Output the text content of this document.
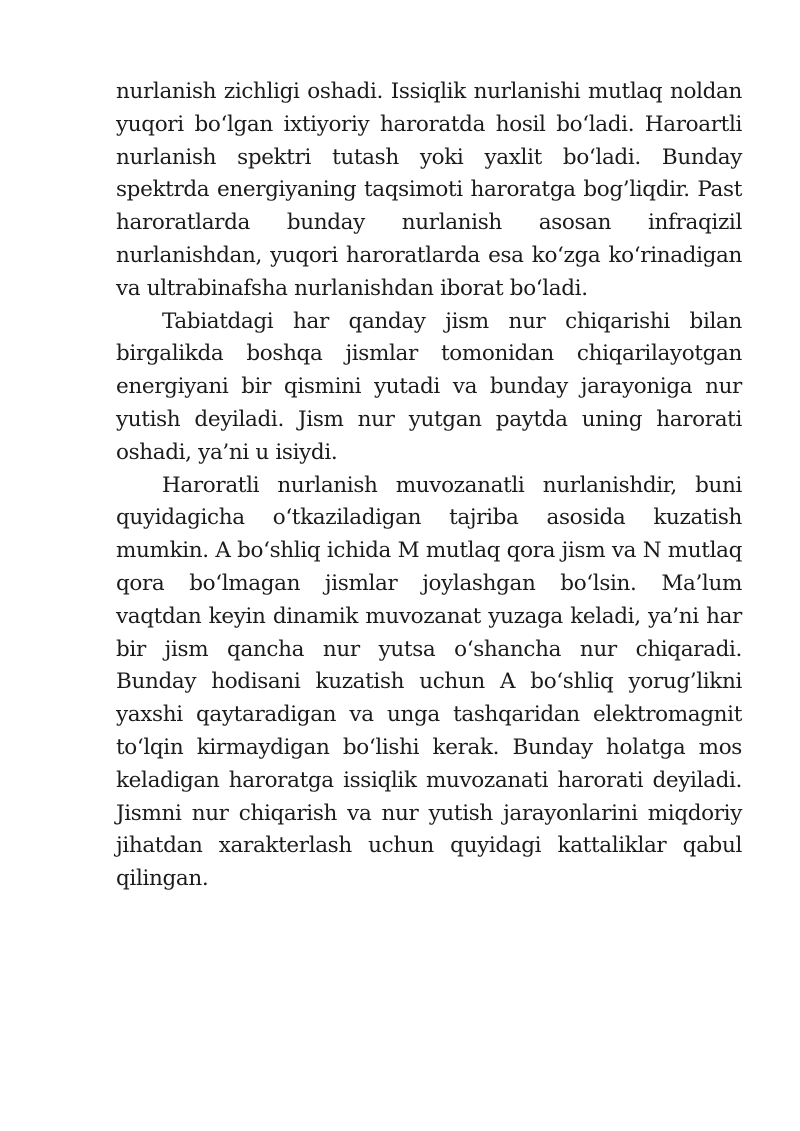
nurlanish zichligi oshadi. Issiqlik nurlanishi mutlaq noldan yuqori bo‘lgan ixtiyoriy haroratda hosil bo‘ladi. Haroartli nurlanish spektri tutash yoki yaxlit bo‘ladi. Bunday spektrda energiyaning taqsimoti haroratga bog’liqdir. Past haroratlarda bunday nurlanish asosan infraqizil nurlanishdan, yuqori haroratlarda esa ko‘zga ko‘rinadigan va ultrabinafsha nurlanishdan iborat bo‘ladi.

Tabiatdagi har qanday jism nur chiqarishi bilan birgalikda boshqa jismlar tomonidan chiqarilayotgan energiyani bir qismini yutadi va bunday jarayoniga nur yutish deyiladi. Jism nur yutgan paytda uning harorati oshadi, ya’ni u isiydi.

Haroratli nurlanish muvozanatli nurlanishdir, buni quyidagicha o‘tkaziladigan tajriba asosida kuzatish mumkin. A bo‘shliq ichida M mutlaq qora jism va N mutlaq qora bo‘lmagan jismlar joylashgan bo‘lsin. Ma’lum vaqtdan keyin dinamik muvozanat yuzaga keladi, ya’ni har bir jism qancha nur yutsa o‘shancha nur chiqaradi. Bunday hodisani kuzatish uchun A bo‘shliq yorug’likni yaxshi qaytaradigan va unga tashqaridan elektromagnit to‘lqin kirmaydigan bo‘lishi kerak. Bunday holatga mos keladigan haroratga issiqlik muvozanati harorati deyiladi. Jismni nur chiqarish va nur yutish jarayonlarini miqdoriy jihatdan xarakterlash uchun quyidagi kattaliklar qabul qilingan.
